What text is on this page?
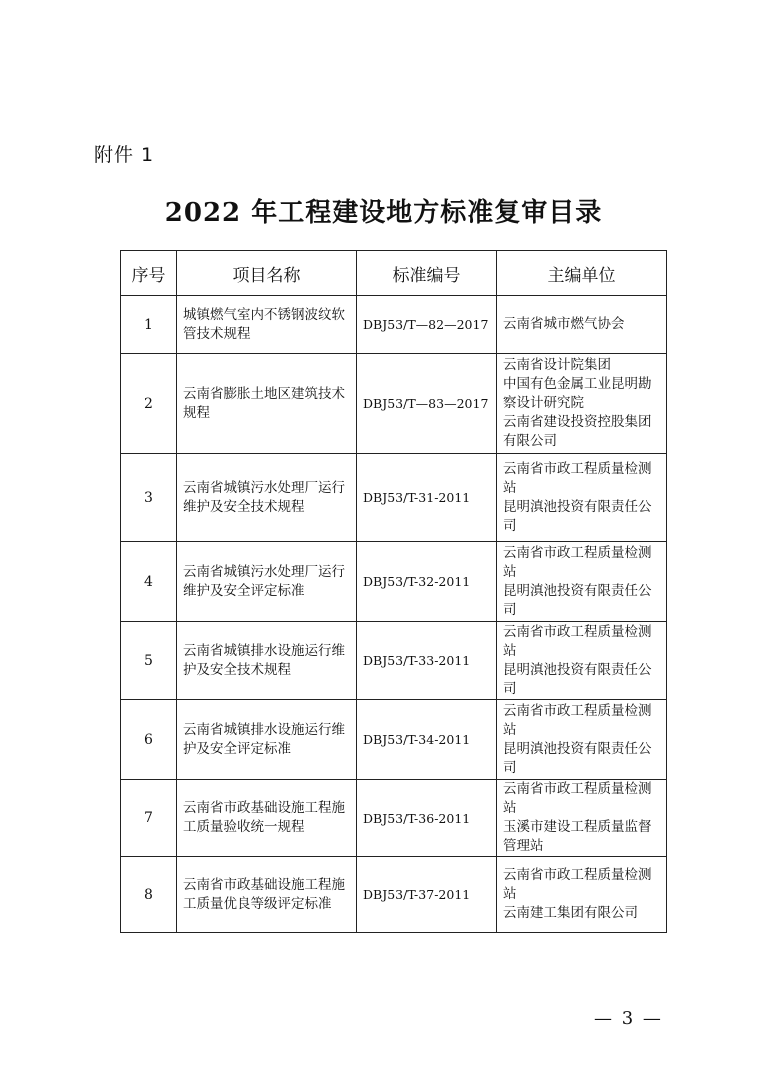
附件 1
2022 年工程建设地方标准复审目录
序号	项目名称	标准编号	主编单位
1	城镇燃气室内不锈钢波纹软管技术规程	DBJ53/T—82—2017	云南省城市燃气协会

2	云南省膨胀土地区建筑技术规程	DBJ53/T—83—2017	云南省设计院集团
中国有色金属工业昆明勘察设计研究院
云南省建设投资控股集团有限公司

3	云南省城镇污水处理厂运行维护及安全技术规程	DBJ53/T-31-2011	云南省市政工程质量检测站
昆明滇池投资有限责任公司

4	云南省城镇污水处理厂运行维护及安全评定标准	DBJ53/T-32-2011	云南省市政工程质量检测站
昆明滇池投资有限责任公司

5	云南省城镇排水设施运行维护及安全技术规程	DBJ53/T-33-2011	云南省市政工程质量检测站
昆明滇池投资有限责任公司

6	云南省城镇排水设施运行维护及安全评定标准	DBJ53/T-34-2011	云南省市政工程质量检测站
昆明滇池投资有限责任公司

7	云南省市政基础设施工程施工质量验收统一规程	DBJ53/T-36-2011	云南省市政工程质量检测站
玉溪市建设工程质量监督管理站

8	云南省市政基础设施工程施工质量优良等级评定标准	DBJ53/T-37-2011	云南省市政工程质量检测站
云南建工集团有限公司
— 3 —
